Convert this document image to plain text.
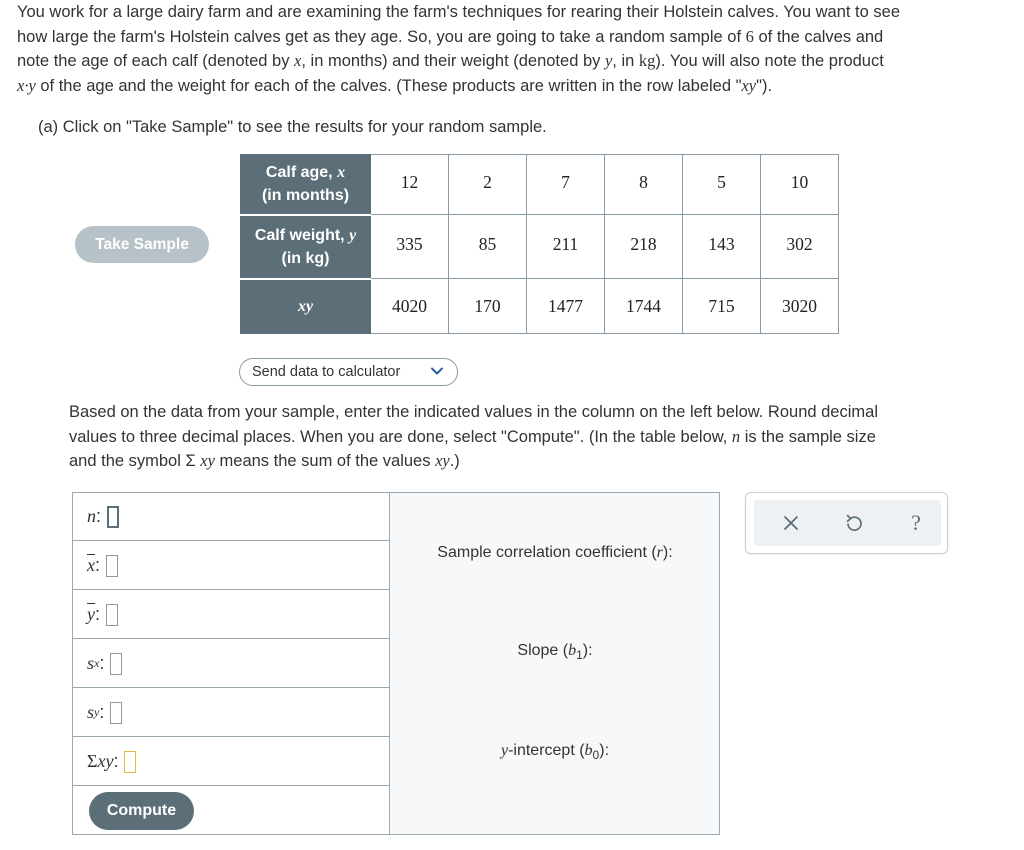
You work for a large dairy farm and are examining the farm's techniques for rearing their Holstein calves. You want to see
how large the farm's Holstein calves get as they age. So, you are going to take a random sample of 6 of the calves and
note the age of each calf (denoted by x, in months) and their weight (denoted by y, in kg). You will also note the product
x·y of the age and the weight for each of the calves. (These products are written in the row labeled "xy").
(a) Click on "Take Sample" to see the results for your random sample.
Take Sample
Calf age, x
(in months)	12	2	7	8	5	10

Calf weight, y
(in kg)	335	85	211	218	143	302
xy	4020	170	1477	1744	715	3020
Send data to calculator
Based on the data from your sample, enter the indicated values in the column on the left below. Round decimal
values to three decimal places. When you are done, select "Compute". (In the table below, n is the sample size
and the symbol Σ xy means the sum of the values xy.)
n :
$\overline{x}$ :
$\overline{y}$ :
s x :
s y :
Σ xy :
Compute
Sample correlation coefficient (r):
Slope $(b_1)$:
y-intercept $(b_0)$:
?
